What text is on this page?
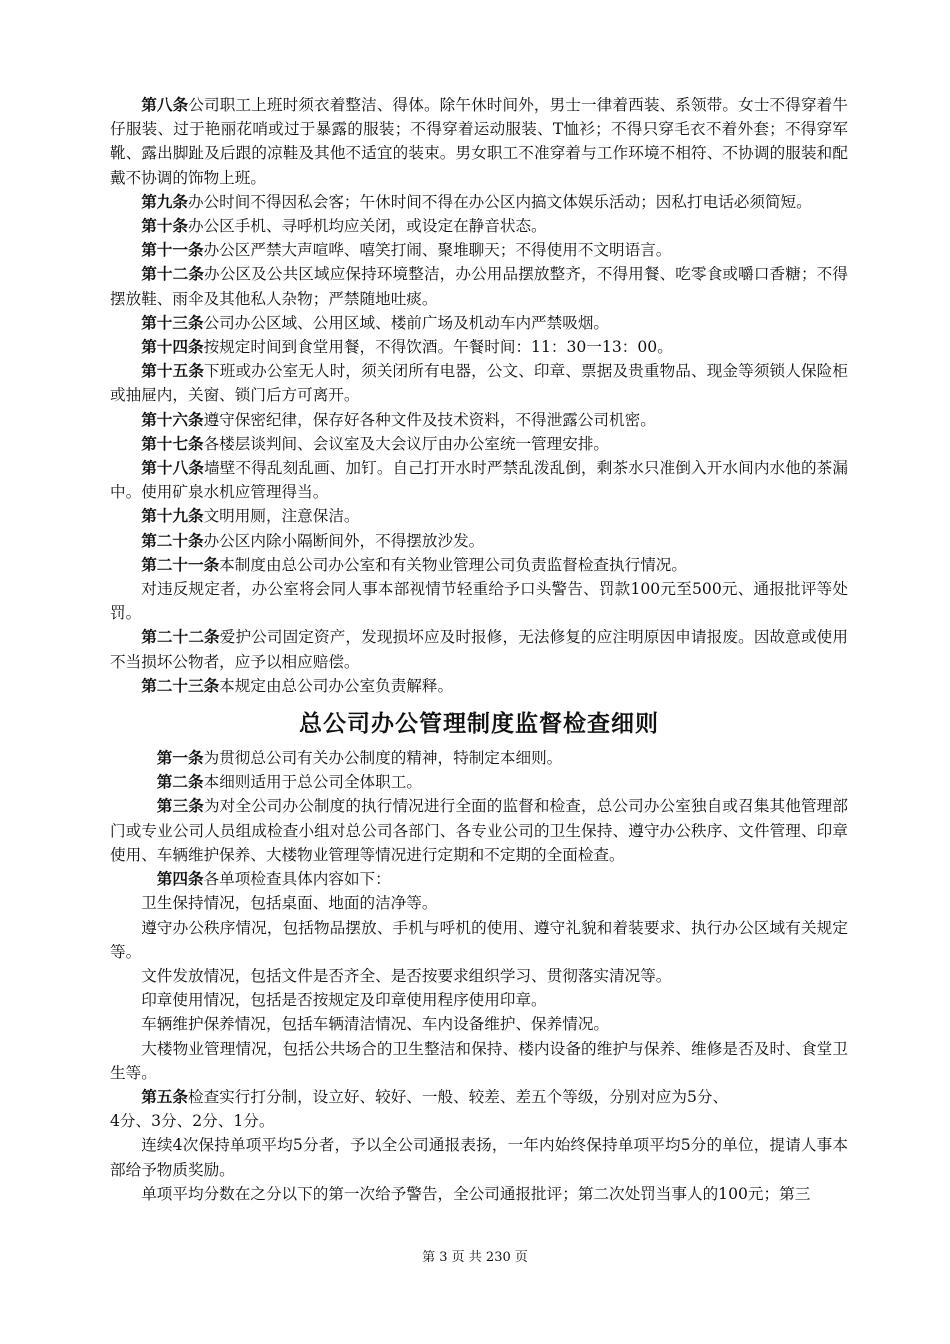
第八条公司职工上班时须衣着整洁、得体。除午休时间外，男士一律着西装、系领带。女士不得穿着牛仔服装、过于艳丽花哨或过于暴露的服装；不得穿着运动服装、T恤衫；不得只穿毛衣不着外套；不得穿军靴、露出脚趾及后跟的凉鞋及其他不适宜的装束。男女职工不准穿着与工作环境不相符、不协调的服装和配戴不协调的饰物上班。

第九条办公时间不得因私会客；午休时间不得在办公区内搞文体娱乐活动；因私打电话必须简短。

第十条办公区手机、寻呼机均应关闭，或设定在静音状态。

第十一条办公区严禁大声喧哗、嘻笑打闹、聚堆聊天；不得使用不文明语言。

第十二条办公区及公共区域应保持环境整洁，办公用品摆放整齐，不得用餐、吃零食或嚼口香糖；不得摆放鞋、雨伞及其他私人杂物；严禁随地吐痰。

第十三条公司办公区域、公用区域、楼前广场及机动车内严禁吸烟。

第十四条按规定时间到食堂用餐，不得饮酒。午餐时间：11：30一13：00。

第十五条下班或办公室无人时，须关闭所有电器，公文、印章、票据及贵重物品、现金等须锁人保险柜或抽屉内，关窗、锁门后方可离开。

第十六条遵守保密纪律，保存好各种文件及技术资料，不得泄露公司机密。

第十七条各楼层谈判间、会议室及大会议厅由办公室统一管理安排。

第十八条墙壁不得乱刻乱画、加钉。自己打开水时严禁乱泼乱倒，剩茶水只准倒入开水间内水他的茶漏中。使用矿泉水机应管理得当。

第十九条文明用厕，注意保洁。

第二十条办公区内除小隔断间外，不得摆放沙发。

第二十一条本制度由总公司办公室和有关物业管理公司负责监督检查执行情况。

对违反规定者，办公室将会同人事本部视情节轻重给予口头警告、罚款100元至500元、通报批评等处罚。

第二十二条爱护公司固定资产，发现损坏应及时报修，无法修复的应注明原因申请报废。因故意或使用不当损坏公物者，应予以相应赔偿。

第二十三条本规定由总公司办公室负责解释。

总公司办公管理制度监督检查细则

第一条为贯彻总公司有关办公制度的精神，特制定本细则。

第二条本细则适用于总公司全体职工。

第三条为对全公司办公制度的执行情况进行全面的监督和检查，总公司办公室独自或召集其他管理部门或专业公司人员组成检查小组对总公司各部门、各专业公司的卫生保持、遵守办公秩序、文件管理、印章使用、车辆维护保养、大楼物业管理等情况进行定期和不定期的全面检查。

第四条各单项检查具体内容如下：

卫生保持情况，包括桌面、地面的洁净等。

遵守办公秩序情况，包括物品摆放、手机与呼机的使用、遵守礼貌和着装要求、执行办公区域有关规定等。

文件发放情况，包括文件是否齐全、是否按要求组织学习、贯彻落实清况等。

印章使用情况，包括是否按规定及印章使用程序使用印章。

车辆维护保养情况，包括车辆清洁情况、车内设备维护、保养情况。

大楼物业管理情况，包括公共场合的卫生整洁和保持、楼内设备的维护与保养、维修是否及时、食堂卫生等。

第五条检查实行打分制，设立好、较好、一般、较差、差五个等级，分别对应为5分、

4分、3分、2分、1分。

连续4次保持单项平均5分者，予以全公司通报表扬，一年内始终保持单项平均5分的单位，提请人事本部给予物质奖励。

单项平均分数在之分以下的第一次给予警告，全公司通报批评；第二次处罚当事人的100元；第三

第 3 页 共 230 页
